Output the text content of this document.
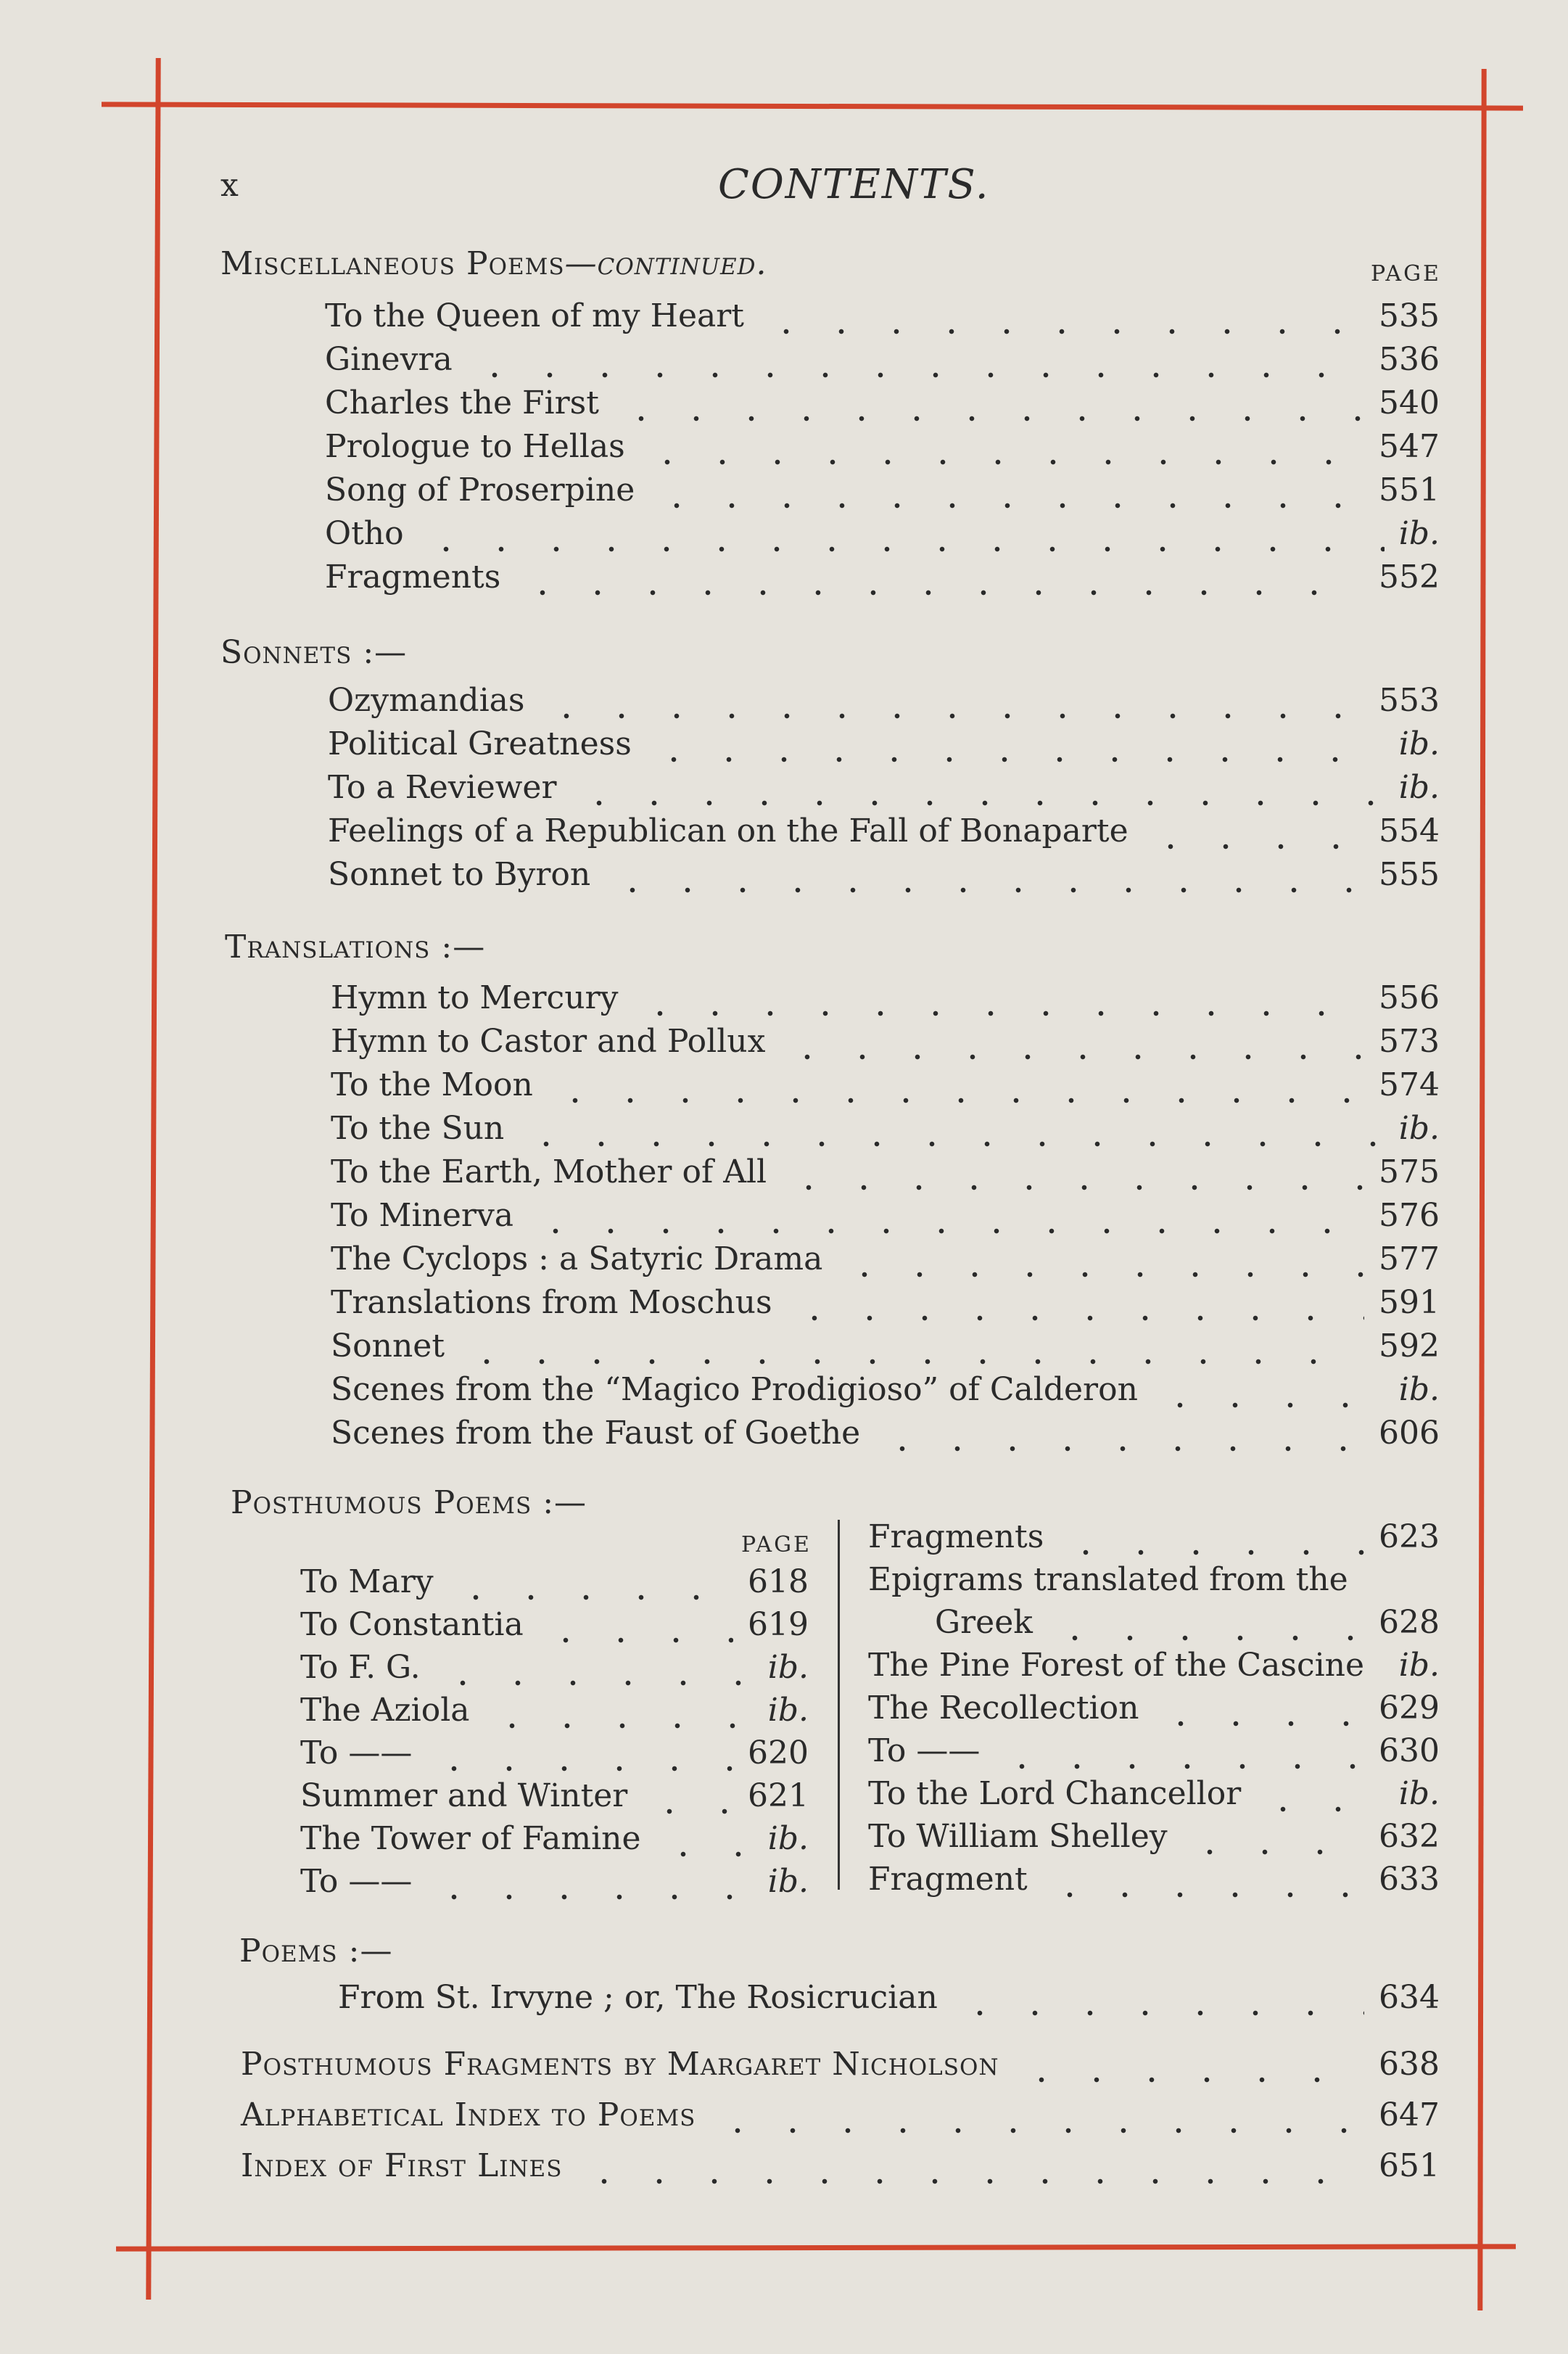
x	CONTENTS.
Miscellaneous Poems—continued.	PAGE
To the Queen of my Heart	535
Ginevra	536
Charles the First	540
Prologue to Hellas	547
Song of Proserpine	551
Otho	ib.
Fragments	552
Sonnets :—
Ozymandias	553
Political Greatness	ib.
To a Reviewer	ib.
Feelings of a Republican on the Fall of Bonaparte	554
Sonnet to Byron	555
Translations :—
Hymn to Mercury	556
Hymn to Castor and Pollux	573
To the Moon	574
To the Sun	ib.
To the Earth, Mother of All	575
To Minerva	576
The Cyclops : a Satyric Drama	577
Translations from Moschus	591
Sonnet	592
Scenes from the “Magico Prodigioso” of Calderon	ib.
Scenes from the Faust of Goethe	606
Posthumous Poems :—
PAGE
To Mary	618
To Constantia	619
To F. G.	ib.
The Aziola	ib.
To ——	620
Summer and Winter	621
The Tower of Famine	ib.
To ——	ib.
Fragments	623
Epigrams translated from the
Greek	628
The Pine Forest of the Cascine ib.
The Recollection	629
To ——	630
To the Lord Chancellor	ib.
To William Shelley	632
Fragment	633
Poems :—
From St. Irvyne ; or, The Rosicrucian	634
Posthumous Fragments by Margaret Nicholson	638
Alphabetical Index to Poems	647
Index of First Lines	651
